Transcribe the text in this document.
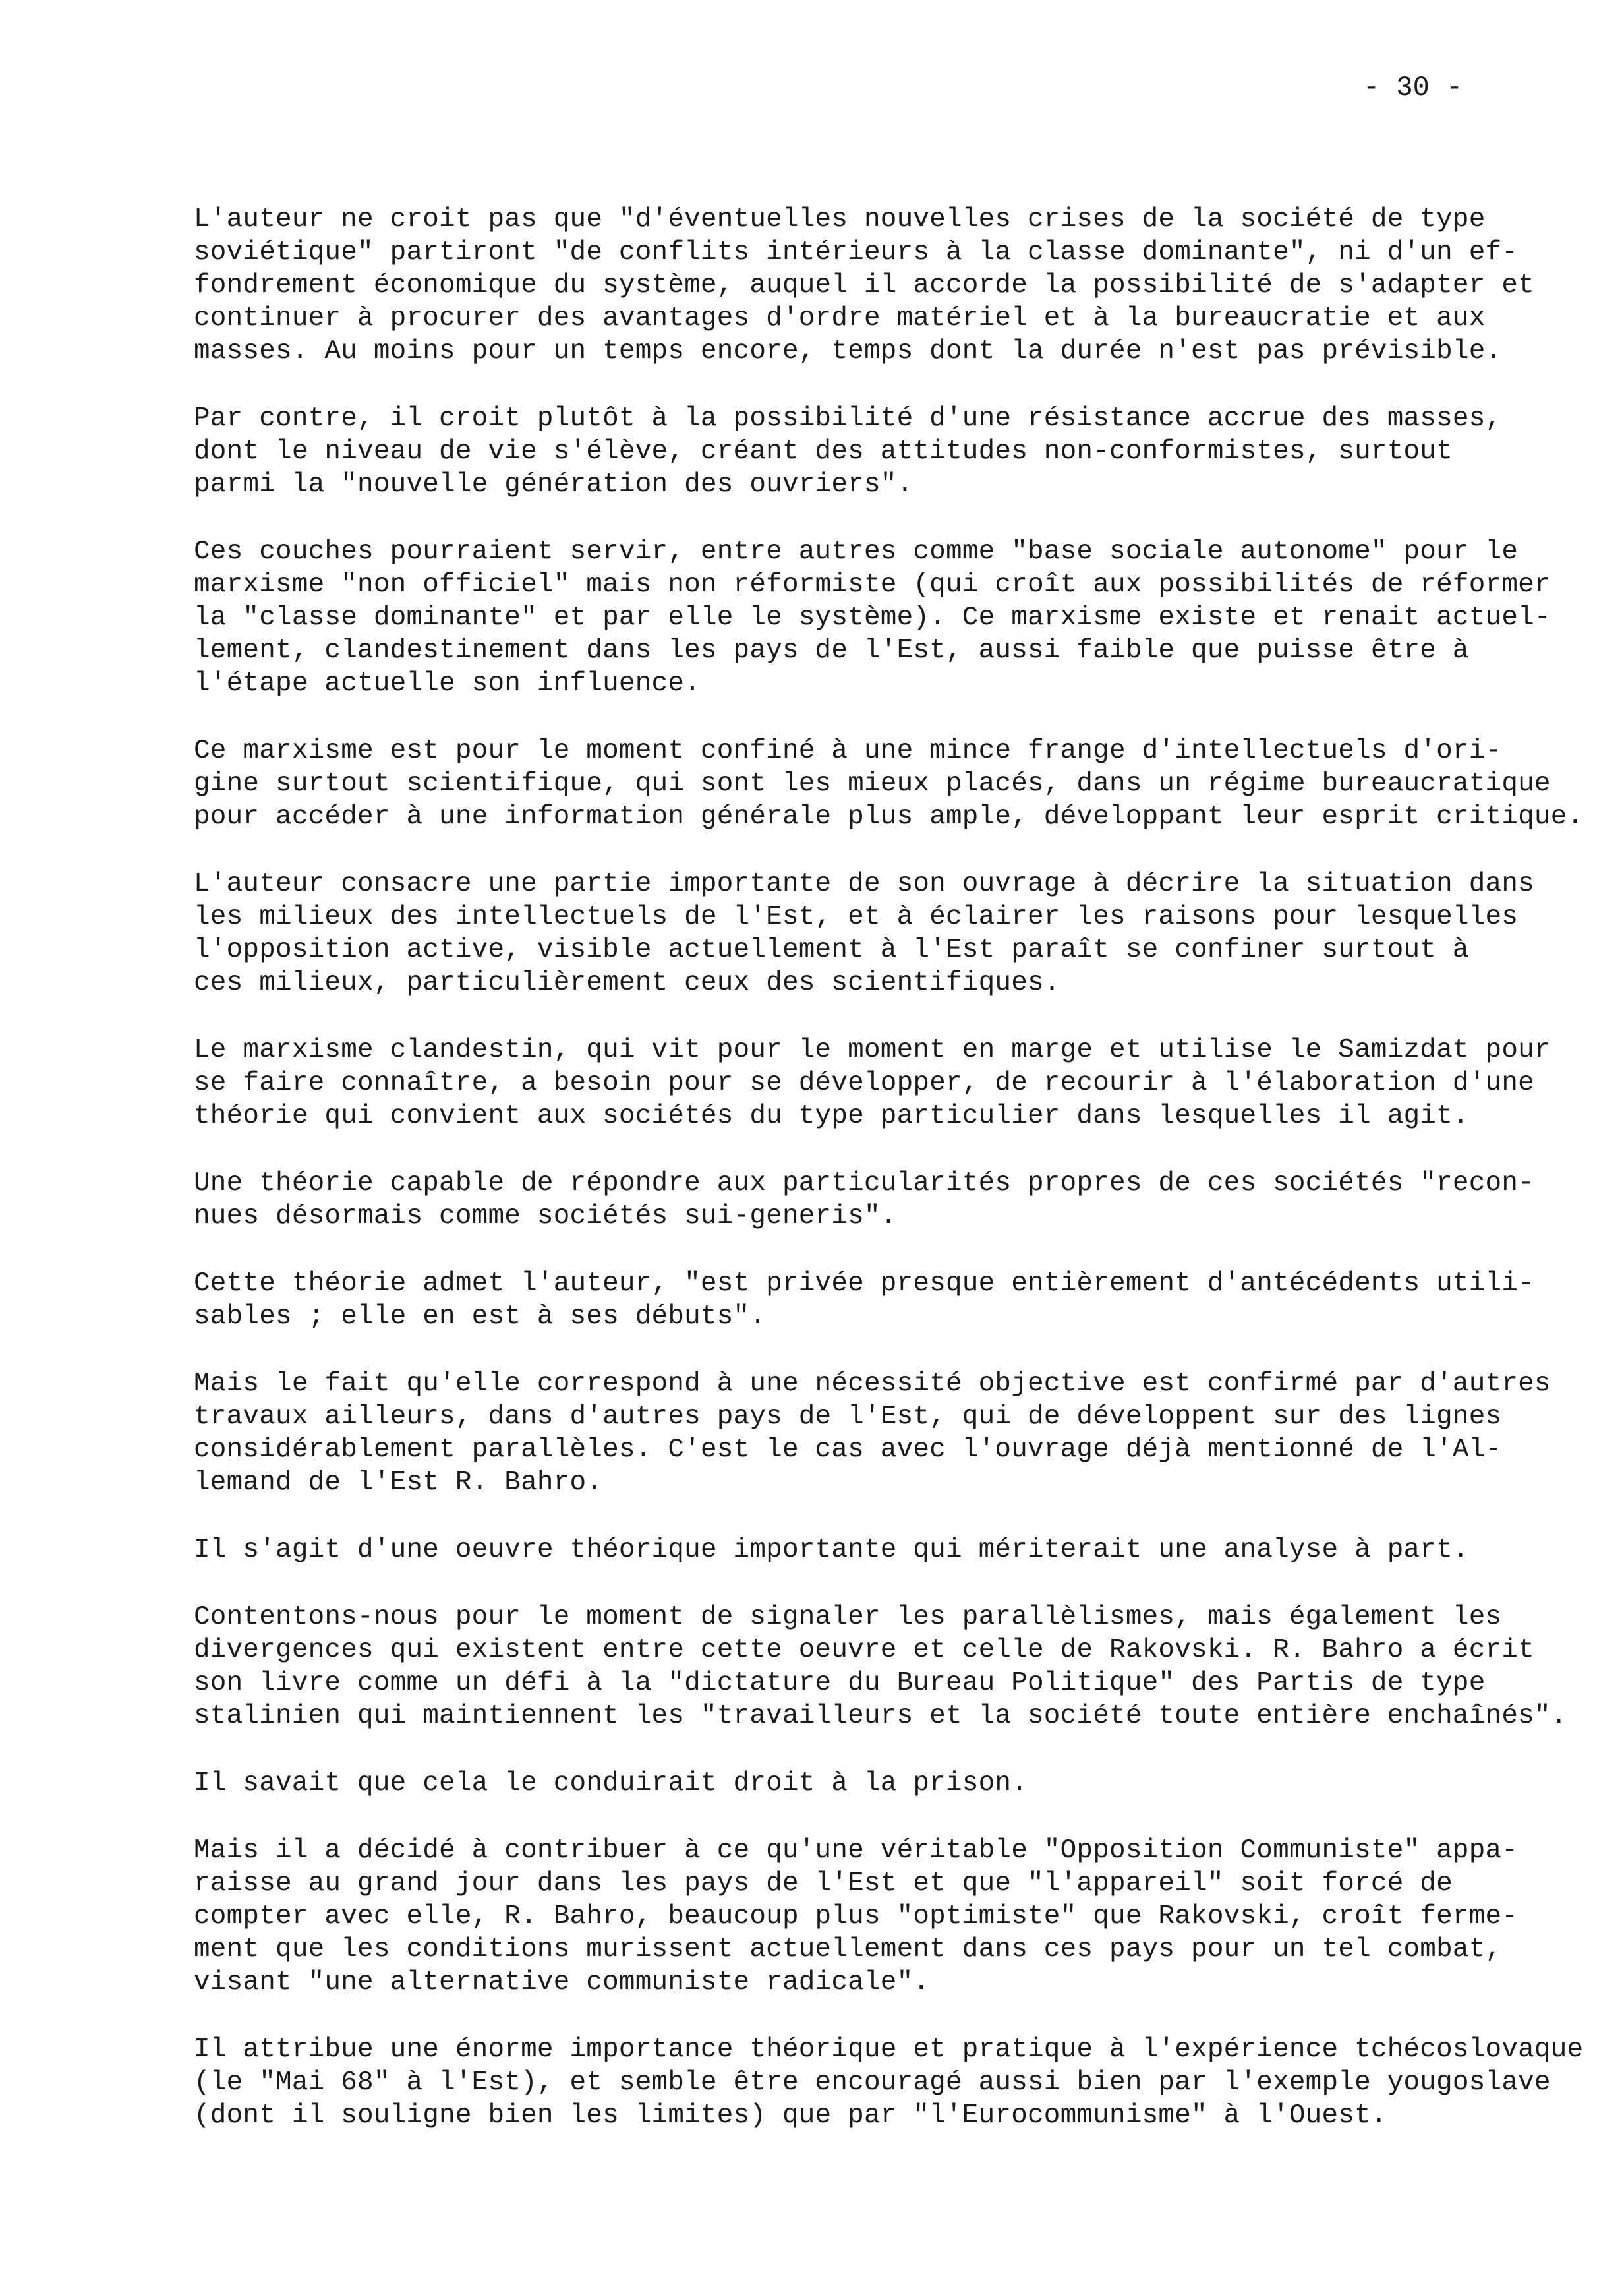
- 30 -
L'auteur ne croit pas que "d'éventuelles nouvelles crises de la société de type
soviétique" partiront "de conflits intérieurs à la classe dominante", ni d'un ef-
fondrement économique du système, auquel il accorde la possibilité de s'adapter et
continuer à procurer des avantages d'ordre matériel et à la bureaucratie et aux
masses. Au moins pour un temps encore, temps dont la durée n'est pas prévisible.
Par contre, il croit plutôt à la possibilité d'une résistance accrue des masses,
dont le niveau de vie s'élève, créant des attitudes non-conformistes, surtout
parmi la "nouvelle génération des ouvriers".
Ces couches pourraient servir, entre autres comme "base sociale autonome" pour le
marxisme "non officiel" mais non réformiste (qui croît aux possibilités de réformer
la "classe dominante" et par elle le système). Ce marxisme existe et renait actuel-
lement, clandestinement dans les pays de l'Est, aussi faible que puisse être à
l'étape actuelle son influence.
Ce marxisme est pour le moment confiné à une mince frange d'intellectuels d'ori-
gine surtout scientifique, qui sont les mieux placés, dans un régime bureaucratique
pour accéder à une information générale plus ample, développant leur esprit critique.
L'auteur consacre une partie importante de son ouvrage à décrire la situation dans
les milieux des intellectuels de l'Est, et à éclairer les raisons pour lesquelles
l'opposition active, visible actuellement à l'Est paraît se confiner surtout à
ces milieux, particulièrement ceux des scientifiques.
Le marxisme clandestin, qui vit pour le moment en marge et utilise le Samizdat pour
se faire connaître, a besoin pour se développer, de recourir à l'élaboration d'une
théorie qui convient aux sociétés du type particulier dans lesquelles il agit.
Une théorie capable de répondre aux particularités propres de ces sociétés "recon-
nues désormais comme sociétés sui-generis".
Cette théorie admet l'auteur, "est privée presque entièrement d'antécédents utili-
sables ; elle en est à ses débuts".
Mais le fait qu'elle correspond à une nécessité objective est confirmé par d'autres
travaux ailleurs, dans d'autres pays de l'Est, qui de développent sur des lignes
considérablement parallèles. C'est le cas avec l'ouvrage déjà mentionné de l'Al-
lemand de l'Est R. Bahro.
Il s'agit d'une oeuvre théorique importante qui mériterait une analyse à part.
Contentons-nous pour le moment de signaler les parallèlismes, mais également les
divergences qui existent entre cette oeuvre et celle de Rakovski. R. Bahro a écrit
son livre comme un défi à la "dictature du Bureau Politique" des Partis de type
stalinien qui maintiennent les "travailleurs et la société toute entière enchaînés".
Il savait que cela le conduirait droit à la prison.
Mais il a décidé à contribuer à ce qu'une véritable "Opposition Communiste" appa-
raisse au grand jour dans les pays de l'Est et que "l'appareil" soit forcé de
compter avec elle, R. Bahro, beaucoup plus "optimiste" que Rakovski, croît ferme-
ment que les conditions murissent actuellement dans ces pays pour un tel combat,
visant "une alternative communiste radicale".
Il attribue une énorme importance théorique et pratique à l'expérience tchécoslovaque
(le "Mai 68" à l'Est), et semble être encouragé aussi bien par l'exemple yougoslave
(dont il souligne bien les limites) que par "l'Eurocommunisme" à l'Ouest.
